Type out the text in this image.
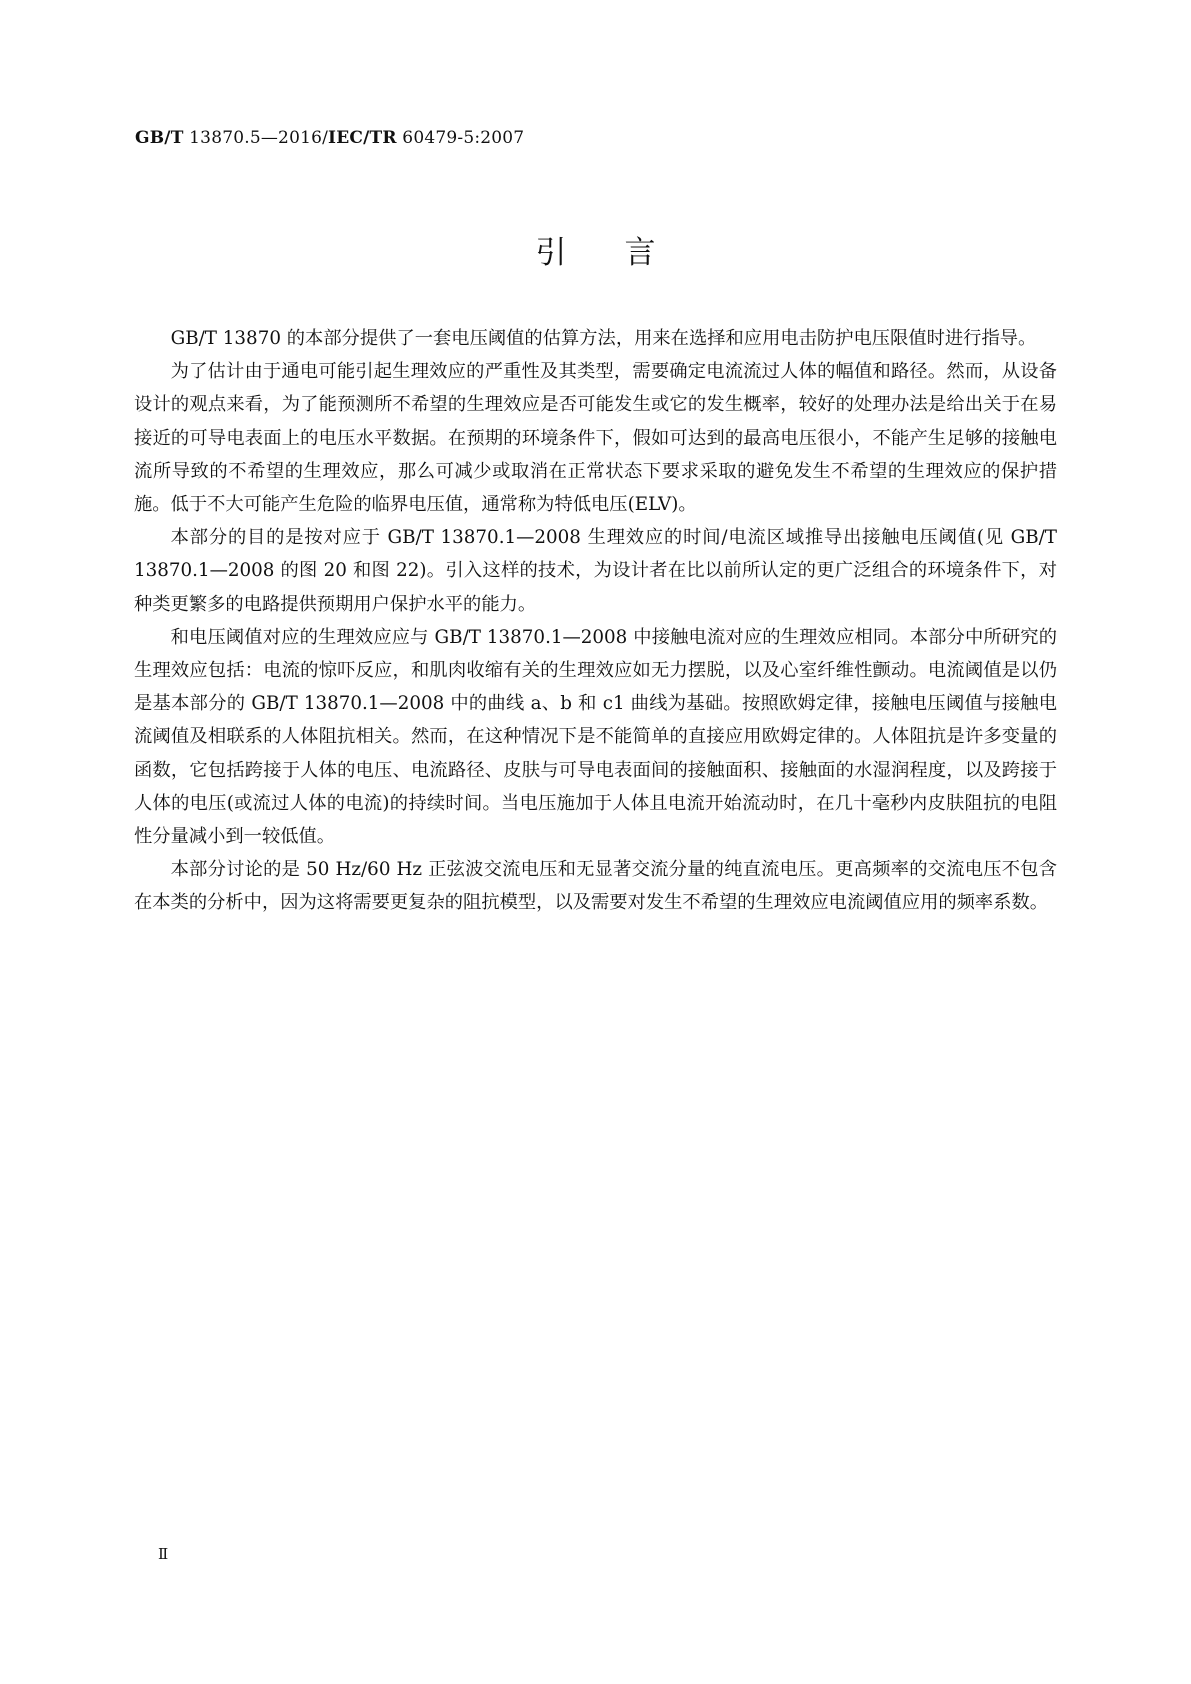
GB/T 13870.5—2016/IEC/TR 60479-5:2007
引言

GB/T 13870 的本部分提供了一套电压阈值的估算方法，用来在选择和应用电击防护电压限值时进行指导。

为了估计由于通电可能引起生理效应的严重性及其类型，需要确定电流流过人体的幅值和路径。然而，从设备设计的观点来看，为了能预测所不希望的生理效应是否可能发生或它的发生概率，较好的处理办法是给出关于在易接近的可导电表面上的电压水平数据。在预期的环境条件下，假如可达到的最高电压很小，不能产生足够的接触电流所导致的不希望的生理效应，那么可减少或取消在正常状态下要求采取的避免发生不希望的生理效应的保护措施。低于不大可能产生危险的临界电压值，通常称为特低电压(ELV)。

本部分的目的是按对应于 GB/T 13870.1—2008 生理效应的时间/电流区域推导出接触电压阈值(见 GB/T 13870.1—2008 的图 20 和图 22)。引入这样的技术，为设计者在比以前所认定的更广泛组合的环境条件下，对种类更繁多的电路提供预期用户保护水平的能力。

和电压阈值对应的生理效应应与 GB/T 13870.1—2008 中接触电流对应的生理效应相同。本部分中所研究的生理效应包括：电流的惊吓反应，和肌肉收缩有关的生理效应如无力摆脱，以及心室纤维性颤动。电流阈值是以仍是基本部分的 GB/T 13870.1—2008 中的曲线 a、b 和 c1 曲线为基础。按照欧姆定律，接触电压阈值与接触电流阈值及相联系的人体阻抗相关。然而，在这种情况下是不能简单的直接应用欧姆定律的。人体阻抗是许多变量的函数，它包括跨接于人体的电压、电流路径、皮肤与可导电表面间的接触面积、接触面的水湿润程度，以及跨接于人体的电压(或流过人体的电流)的持续时间。当电压施加于人体且电流开始流动时，在几十毫秒内皮肤阻抗的电阻性分量减小到一较低值。

本部分讨论的是 50 Hz/60 Hz 正弦波交流电压和无显著交流分量的纯直流电压。更高频率的交流电压不包含在本类的分析中，因为这将需要更复杂的阻抗模型，以及需要对发生不希望的生理效应电流阈值应用的频率系数。

Ⅱ
